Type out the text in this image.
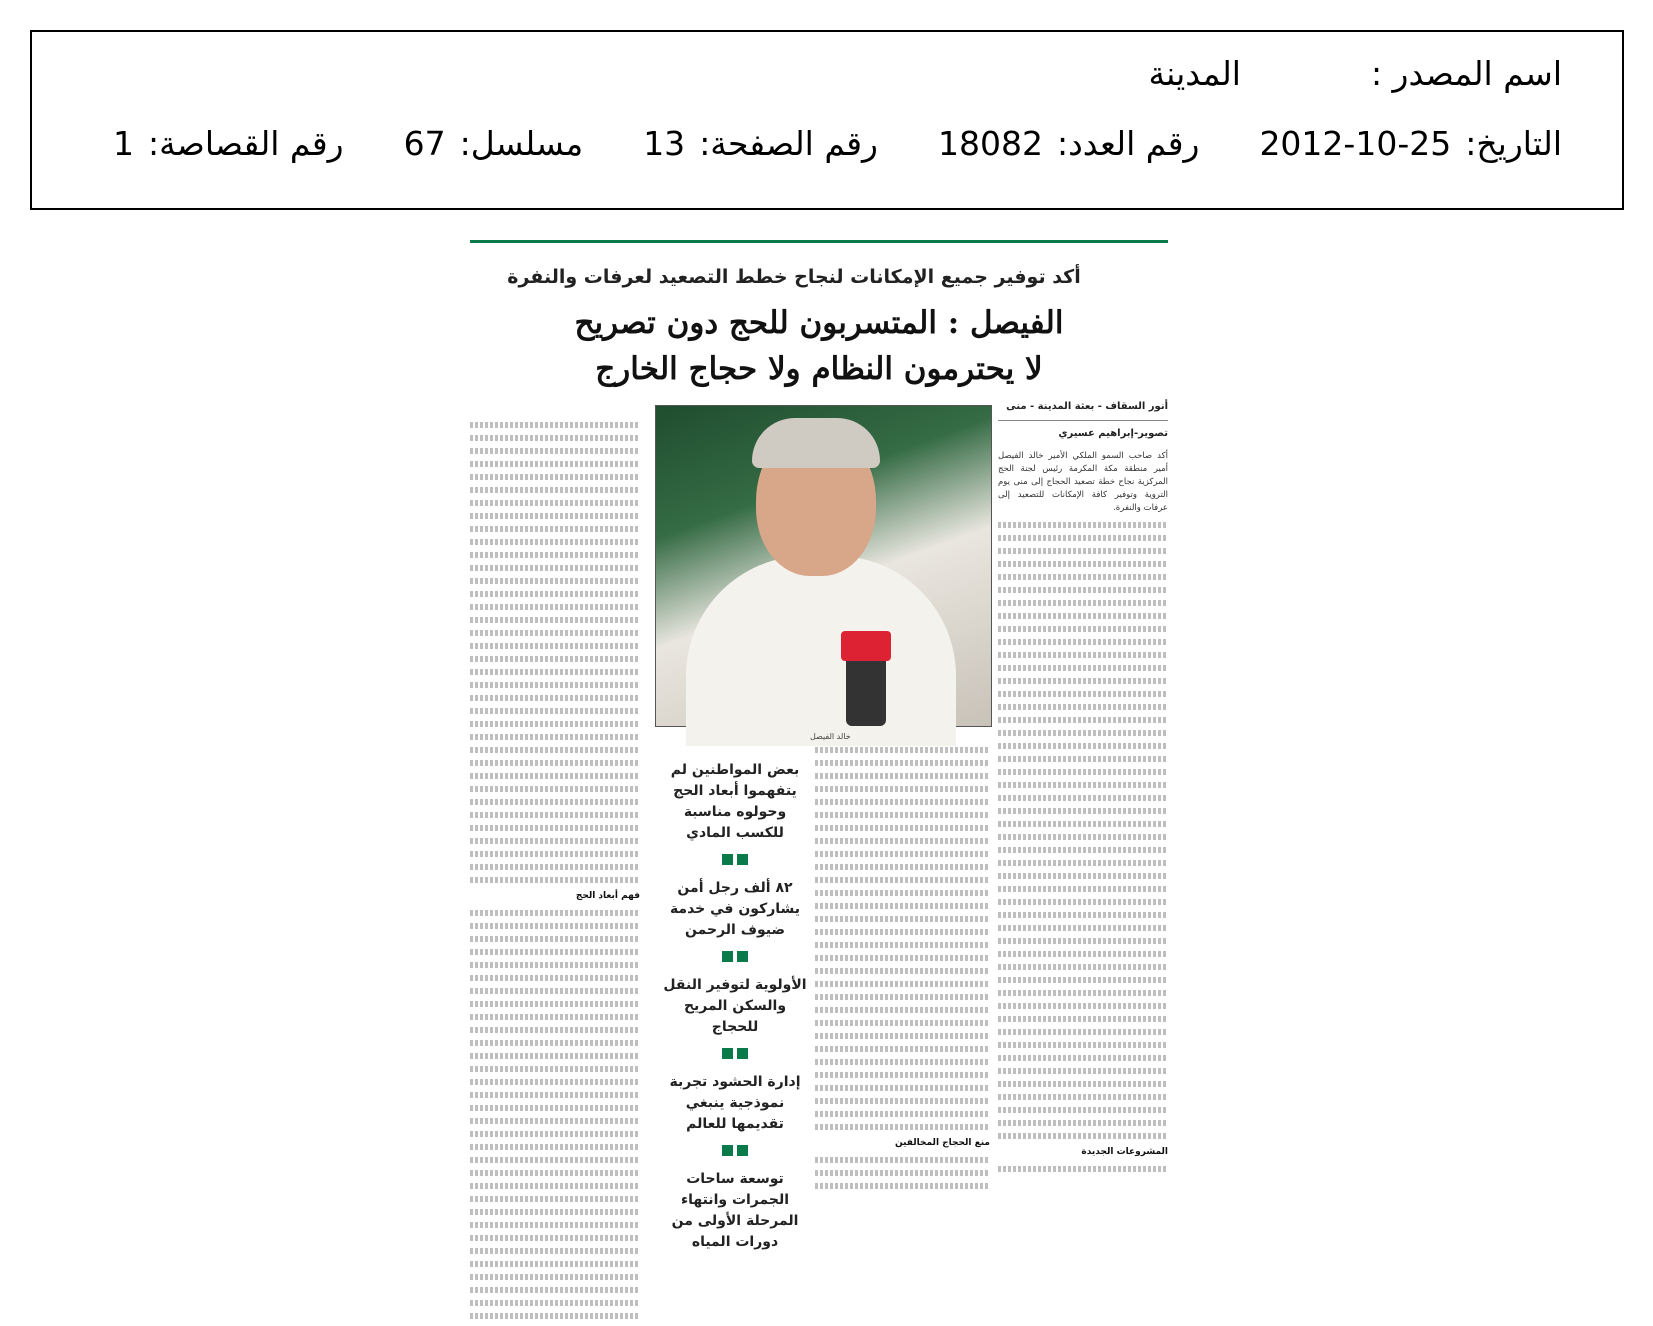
اسم المصدر :المدينة
التاريخ:2012-10-25رقم العدد:18082رقم الصفحة:13مسلسل:67رقم القصاصة:1
أكد توفير جميع الإمكانات لنجاح خطط التصعيد لعرفات والنفرة
الفيصل : المتسربون للحج دون تصريح
لا يحترمون النظام ولا حجاج الخارج
أنور السقاف - بعثة المدينة - منى
تصوير-إبراهيم عسيري
أكد صاحب السمو الملكي الأمير خالد الفيصل أمير منطقة مكة المكرمة رئيس لجنة الحج المركزية نجاح خطة تصعيد الحجاج إلى منى يوم التروية وتوفير كافة الإمكانات للتصعيد إلى عرفات والنفرة.
المشروعات الجديدة
خالد الفيصل
منع الحجاج المخالفين

بعض المواطنين لم يتفهموا أبعاد الحج وحولوه مناسبة للكسب المادي

٨٢ ألف رجل أمن يشاركون في خدمة ضيوف الرحمن

الأولوية لتوفير النقل والسكن المريح للحجاج

إدارة الحشود تجربة نموذجية ينبغي تقديمها للعالم

توسعة ساحات الجمرات وانتهاء المرحلة الأولى من دورات المياه

فهم أبعاد الحج
